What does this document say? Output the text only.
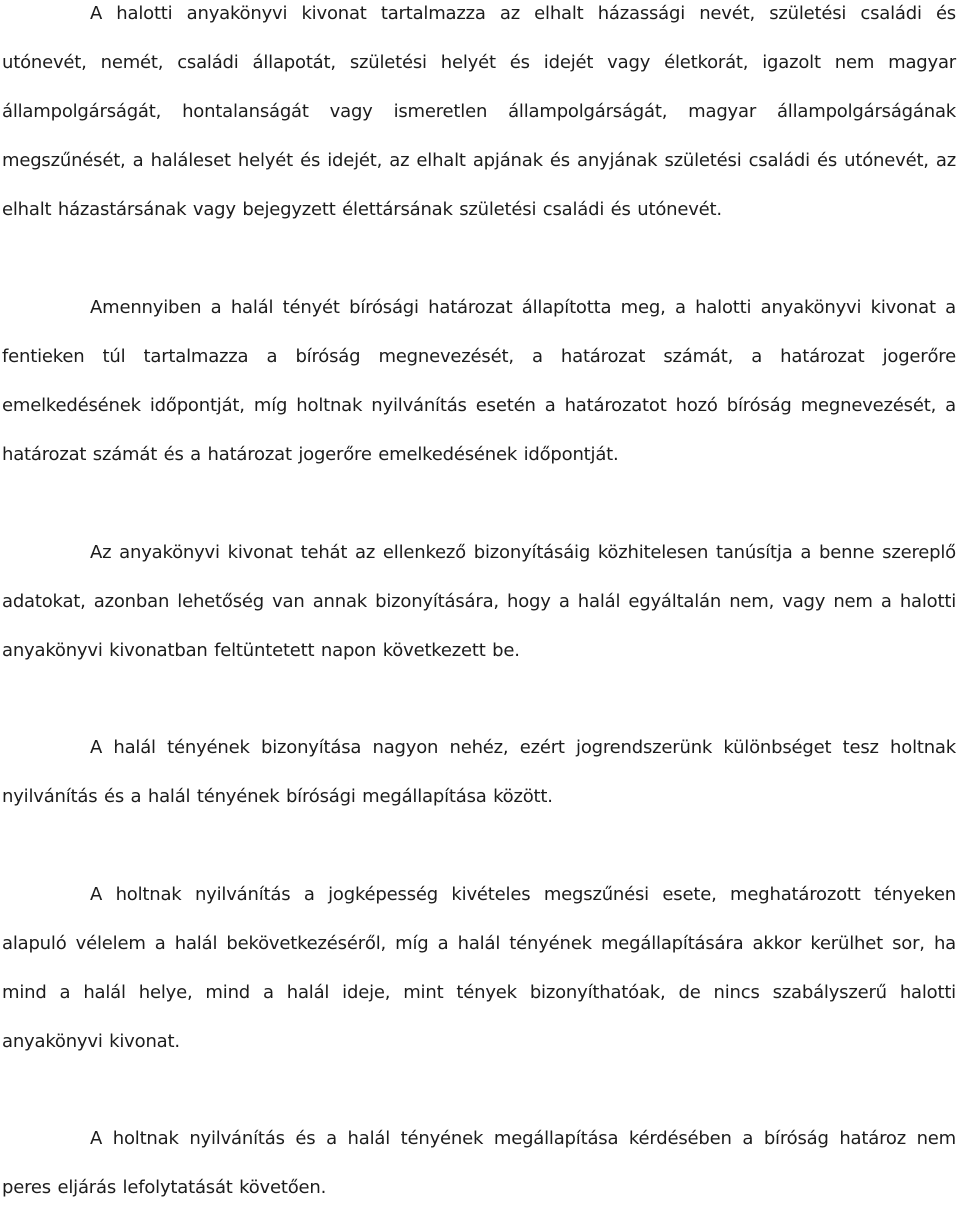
A halotti anyakönyvi kivonat tartalmazza az elhalt házassági nevét, születési családi és utónevét, nemét, családi állapotát, születési helyét és idejét vagy életkorát, igazolt nem magyar állampolgárságát, hontalanságát vagy ismeretlen állampolgárságát, magyar állampolgárságának megszűnését, a haláleset helyét és idejét, az elhalt apjának és anyjának születési családi és utónevét, az elhalt házastársának vagy bejegyzett élettársának születési családi és utónevét.

Amennyiben a halál tényét bírósági határozat állapította meg, a halotti anyakönyvi kivonat a fentieken túl tartalmazza a bíróság megnevezését, a határozat számát, a határozat jogerőre emelkedésének időpontját, míg holtnak nyilvánítás esetén a határozatot hozó bíróság megnevezését, a határozat számát és a határozat jogerőre emelkedésének időpontját.

Az anyakönyvi kivonat tehát az ellenkező bizonyításáig közhitelesen tanúsítja a benne szereplő adatokat, azonban lehetőség van annak bizonyítására, hogy a halál egyáltalán nem, vagy nem a halotti anyakönyvi kivonatban feltüntetett napon következett be.

A halál tényének bizonyítása nagyon nehéz, ezért jogrendszerünk különbséget tesz holtnak nyilvánítás és a halál tényének bírósági megállapítása között.

A holtnak nyilvánítás a jogképesség kivételes megszűnési esete, meghatározott tényeken alapuló vélelem a halál bekövetkezéséről, míg a halál tényének megállapítására akkor kerülhet sor, ha mind a halál helye, mind a halál ideje, mint tények bizonyíthatóak, de nincs szabályszerű halotti anyakönyvi kivonat.

A holtnak nyilvánítás és a halál tényének megállapítása kérdésében a bíróság határoz nem peres eljárás lefolytatását követően.
